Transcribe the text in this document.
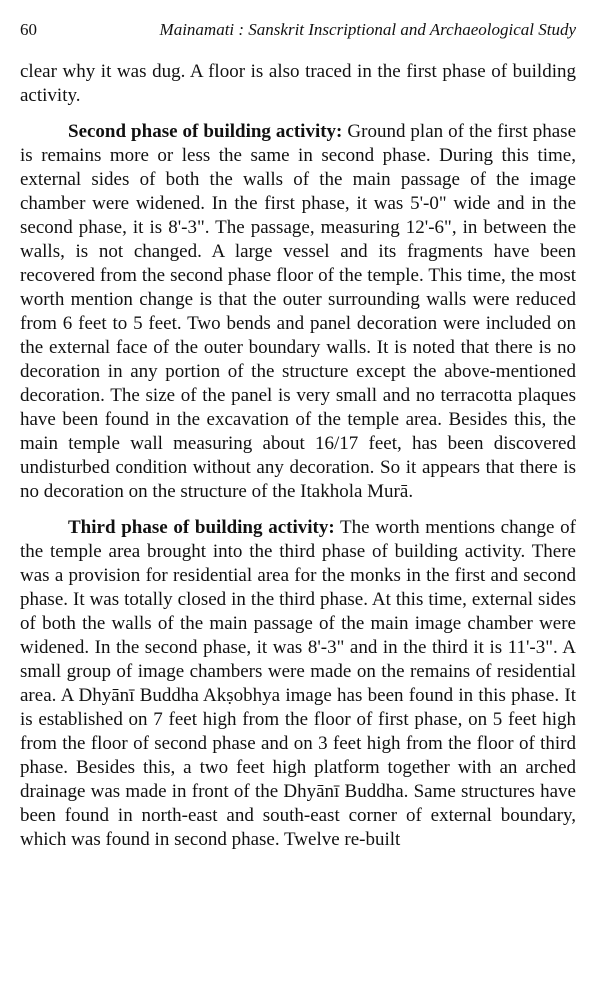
60	Mainamati : Sanskrit Inscriptional and Archaeological Study

clear why it was dug. A floor is also traced in the first phase of building activity.

Second phase of building activity: Ground plan of the first phase is remains more or less the same in second phase. During this time, external sides of both the walls of the main passage of the image chamber were widened. In the first phase, it was 5'-0" wide and in the second phase, it is 8'-3". The passage, measuring 12'-6", in between the walls, is not changed. A large vessel and its fragments have been recovered from the second phase floor of the temple. This time, the most worth mention change is that the outer surrounding walls were reduced from 6 feet to 5 feet. Two bends and panel decoration were included on the external face of the outer boundary walls. It is noted that there is no decoration in any portion of the structure except the above-mentioned decoration. The size of the panel is very small and no terracotta plaques have been found in the excavation of the temple area. Besides this, the main temple wall measuring about 16/17 feet, has been discovered undisturbed condition without any decoration. So it appears that there is no decoration on the structure of the Itakhola Murā.

Third phase of building activity: The worth mentions change of the temple area brought into the third phase of building activity. There was a provision for residential area for the monks in the first and second phase. It was totally closed in the third phase. At this time, external sides of both the walls of the main passage of the main image chamber were widened. In the second phase, it was 8'-3" and in the third it is 11'-3". A small group of image chambers were made on the remains of residential area. A Dhyānī Buddha Akṣobhya image has been found in this phase. It is established on 7 feet high from the floor of first phase, on 5 feet high from the floor of second phase and on 3 feet high from the floor of third phase. Besides this, a two feet high platform together with an arched drainage was made in front of the Dhyānī Buddha. Same structures have been found in north-east and south-east corner of external boundary, which was found in second phase. Twelve re-built
